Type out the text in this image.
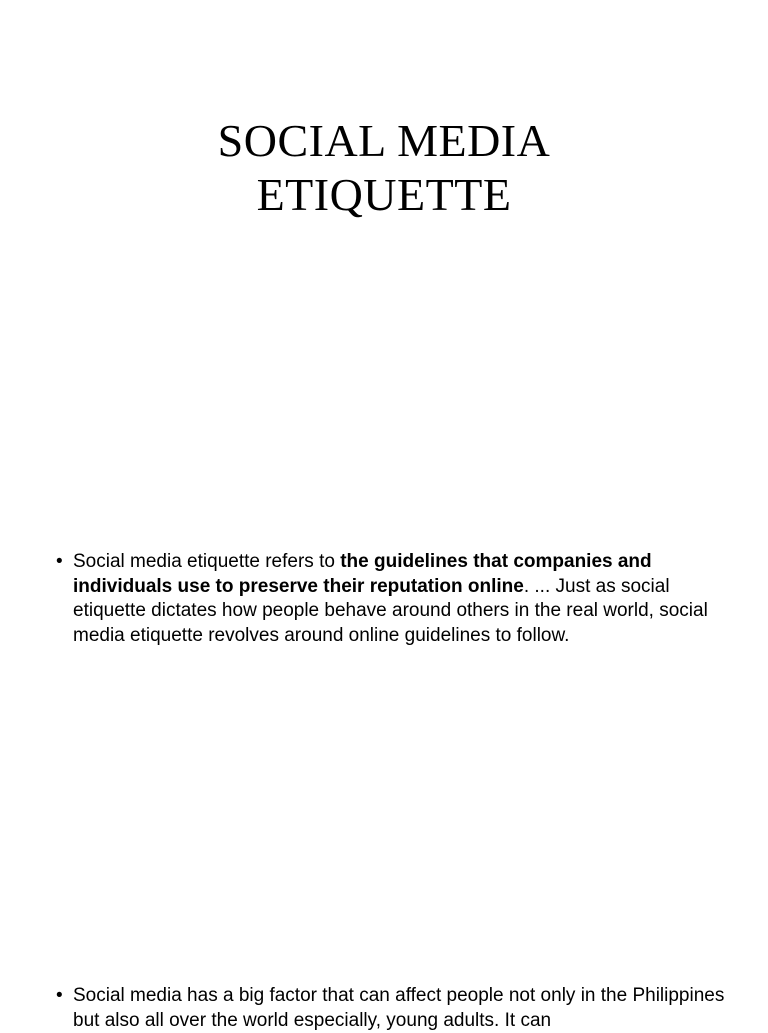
SOCIAL MEDIA
ETIQUETTE
• Social media etiquette refers to the guidelines that companies and individuals use to preserve their reputation online. ... Just as social etiquette dictates how people behave around others in the real world, social media etiquette revolves around online guidelines to follow.
• Social media has a big factor that can affect people not only in the Philippines but also all over the world especially, young adults. It can
